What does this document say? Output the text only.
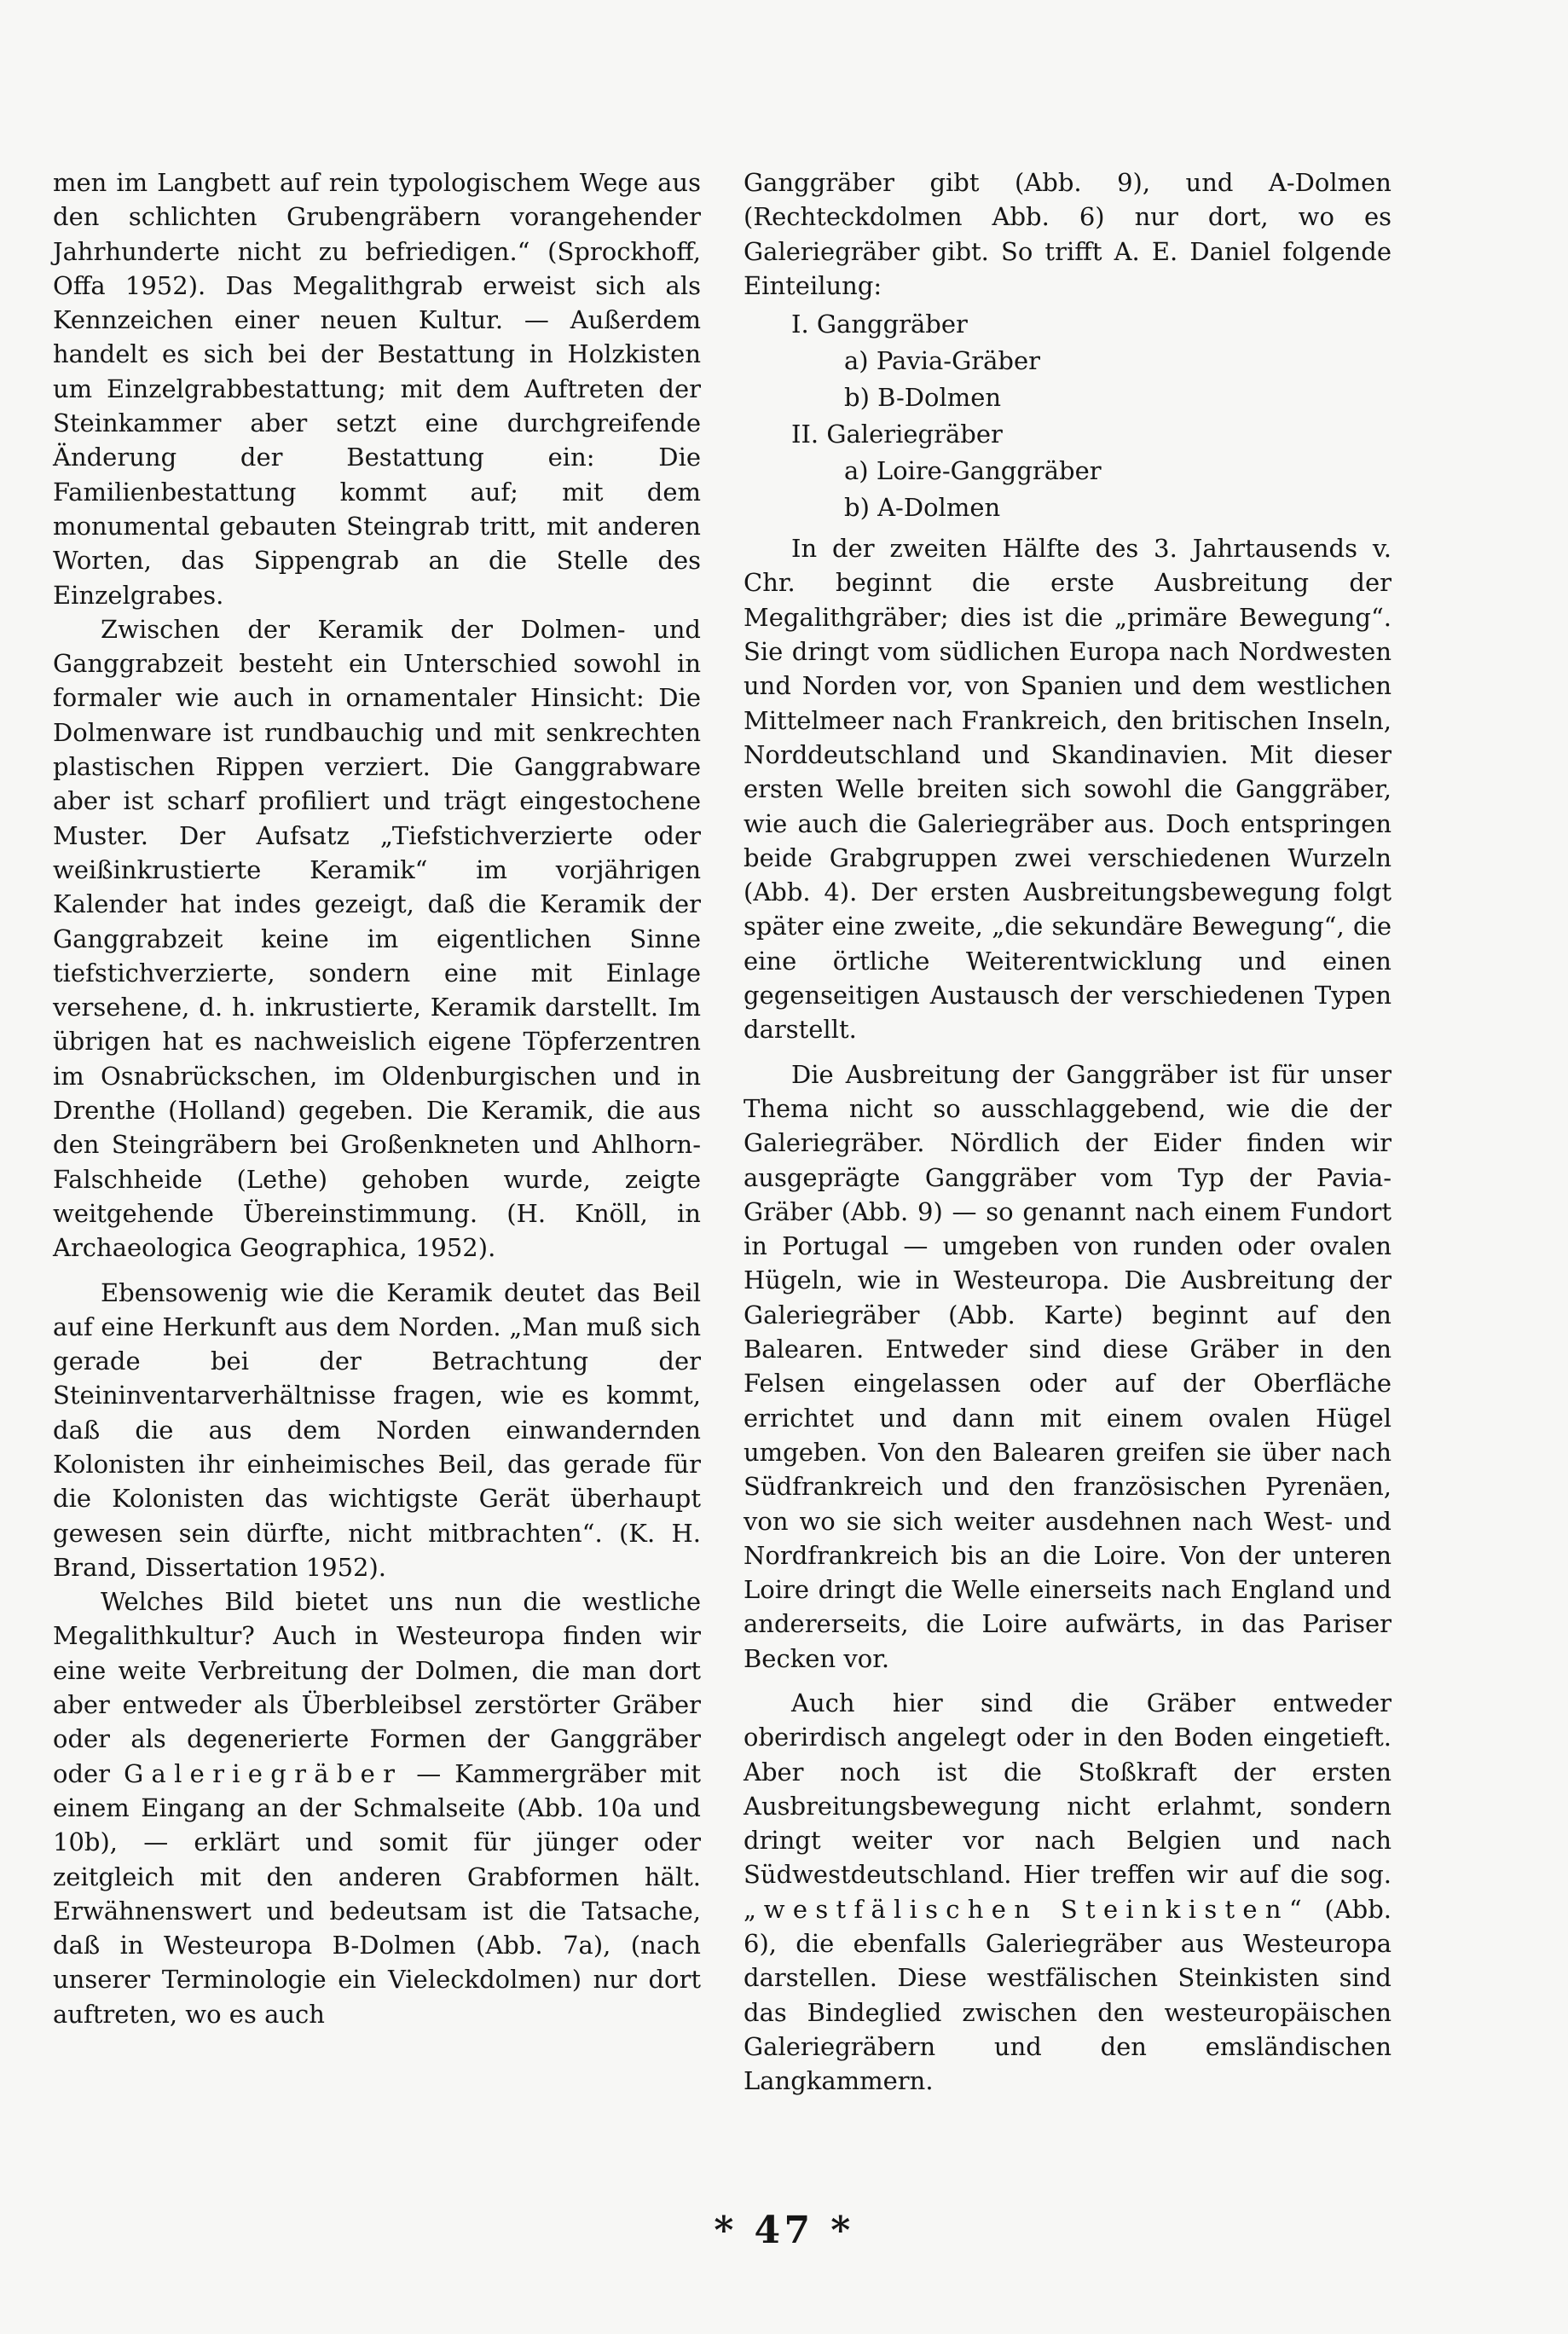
men im Langbett auf rein typologischem Wege aus den schlichten Grubengräbern vorangehender Jahrhunderte nicht zu befriedigen.“ (Sprockhoff, Offa 1952). Das Megalithgrab erweist sich als Kennzeichen einer neuen Kultur. — Außerdem handelt es sich bei der Bestattung in Holzkisten um Einzelgrabbestattung; mit dem Auftreten der Steinkammer aber setzt eine durchgreifende Änderung der Bestattung ein: Die Familienbestattung kommt auf; mit dem monumental gebauten Steingrab tritt, mit anderen Worten, das Sippengrab an die Stelle des Einzelgrabes.

Zwischen der Keramik der Dolmen- und Ganggrabzeit besteht ein Unterschied sowohl in formaler wie auch in ornamentaler Hinsicht: Die Dolmenware ist rundbauchig und mit senkrechten plastischen Rippen verziert. Die Ganggrabware aber ist scharf profiliert und trägt eingestochene Muster. Der Aufsatz „Tiefstichverzierte oder weißinkrustierte Keramik“ im vorjährigen Kalender hat indes gezeigt, daß die Keramik der Ganggrabzeit keine im eigentlichen Sinne tiefstichverzierte, sondern eine mit Einlage versehene, d. h. inkrustierte, Keramik darstellt. Im übrigen hat es nachweislich eigene Töpferzentren im Osnabrückschen, im Oldenburgischen und in Drenthe (Holland) gegeben. Die Keramik, die aus den Steingräbern bei Großenkneten und Ahlhorn-Falschheide (Lethe) gehoben wurde, zeigte weitgehende Übereinstimmung. (H. Knöll, in Archaeologica Geographica, 1952).

Ebensowenig wie die Keramik deutet das Beil auf eine Herkunft aus dem Norden. „Man muß sich gerade bei der Betrachtung der Steininventarverhältnisse fragen, wie es kommt, daß die aus dem Norden einwandernden Kolonisten ihr einheimisches Beil, das gerade für die Kolonisten das wichtigste Gerät überhaupt gewesen sein dürfte, nicht mitbrachten“. (K. H. Brand, Dissertation 1952).

Welches Bild bietet uns nun die westliche Megalithkultur? Auch in Westeuropa finden wir eine weite Verbreitung der Dolmen, die man dort aber entweder als Überbleibsel zerstörter Gräber oder als degenerierte Formen der Ganggräber oder Galeriegräber — Kammergräber mit einem Eingang an der Schmalseite (Abb. 10a und 10b), — erklärt und somit für jünger oder zeitgleich mit den anderen Grabformen hält. Erwähnenswert und bedeutsam ist die Tatsache, daß in Westeuropa B-Dolmen (Abb. 7a), (nach unserer Terminologie ein Vieleckdolmen) nur dort auftreten, wo es auch

Ganggräber gibt (Abb. 9), und A-Dolmen (Rechteckdolmen Abb. 6) nur dort, wo es Galeriegräber gibt. So trifft A. E. Daniel folgende Einteilung:

I. Ganggräber
a) Pavia-Gräber
b) B-Dolmen
II. Galeriegräber
a) Loire-Ganggräber
b) A-Dolmen

In der zweiten Hälfte des 3. Jahrtausends v. Chr. beginnt die erste Ausbreitung der Megalithgräber; dies ist die „primäre Bewegung“. Sie dringt vom südlichen Europa nach Nordwesten und Norden vor, von Spanien und dem westlichen Mittelmeer nach Frankreich, den britischen Inseln, Norddeutschland und Skandinavien. Mit dieser ersten Welle breiten sich sowohl die Ganggräber, wie auch die Galeriegräber aus. Doch entspringen beide Grabgruppen zwei verschiedenen Wurzeln (Abb. 4). Der ersten Ausbreitungsbewegung folgt später eine zweite, „die sekundäre Bewegung“, die eine örtliche Weiterentwicklung und einen gegenseitigen Austausch der verschiedenen Typen darstellt.

Die Ausbreitung der Ganggräber ist für unser Thema nicht so ausschlaggebend, wie die der Galeriegräber. Nördlich der Eider finden wir ausgeprägte Ganggräber vom Typ der Pavia-Gräber (Abb. 9) — so genannt nach einem Fundort in Portugal — umgeben von runden oder ovalen Hügeln, wie in Westeuropa. Die Ausbreitung der Galeriegräber (Abb. Karte) beginnt auf den Balearen. Entweder sind diese Gräber in den Felsen eingelassen oder auf der Oberfläche errichtet und dann mit einem ovalen Hügel umgeben. Von den Balearen greifen sie über nach Südfrankreich und den französischen Pyrenäen, von wo sie sich weiter ausdehnen nach West- und Nordfrankreich bis an die Loire. Von der unteren Loire dringt die Welle einerseits nach England und andererseits, die Loire aufwärts, in das Pariser Becken vor.

Auch hier sind die Gräber entweder oberirdisch angelegt oder in den Boden eingetieft. Aber noch ist die Stoßkraft der ersten Ausbreitungsbewegung nicht erlahmt, sondern dringt weiter vor nach Belgien und nach Südwestdeutschland. Hier treffen wir auf die sog. „westfälischen Steinkisten“ (Abb. 6), die ebenfalls Galeriegräber aus Westeuropa darstellen. Diese westfälischen Steinkisten sind das Bindeglied zwischen den westeuropäischen Galeriegräbern und den emsländischen Langkammern.

* 47 *
